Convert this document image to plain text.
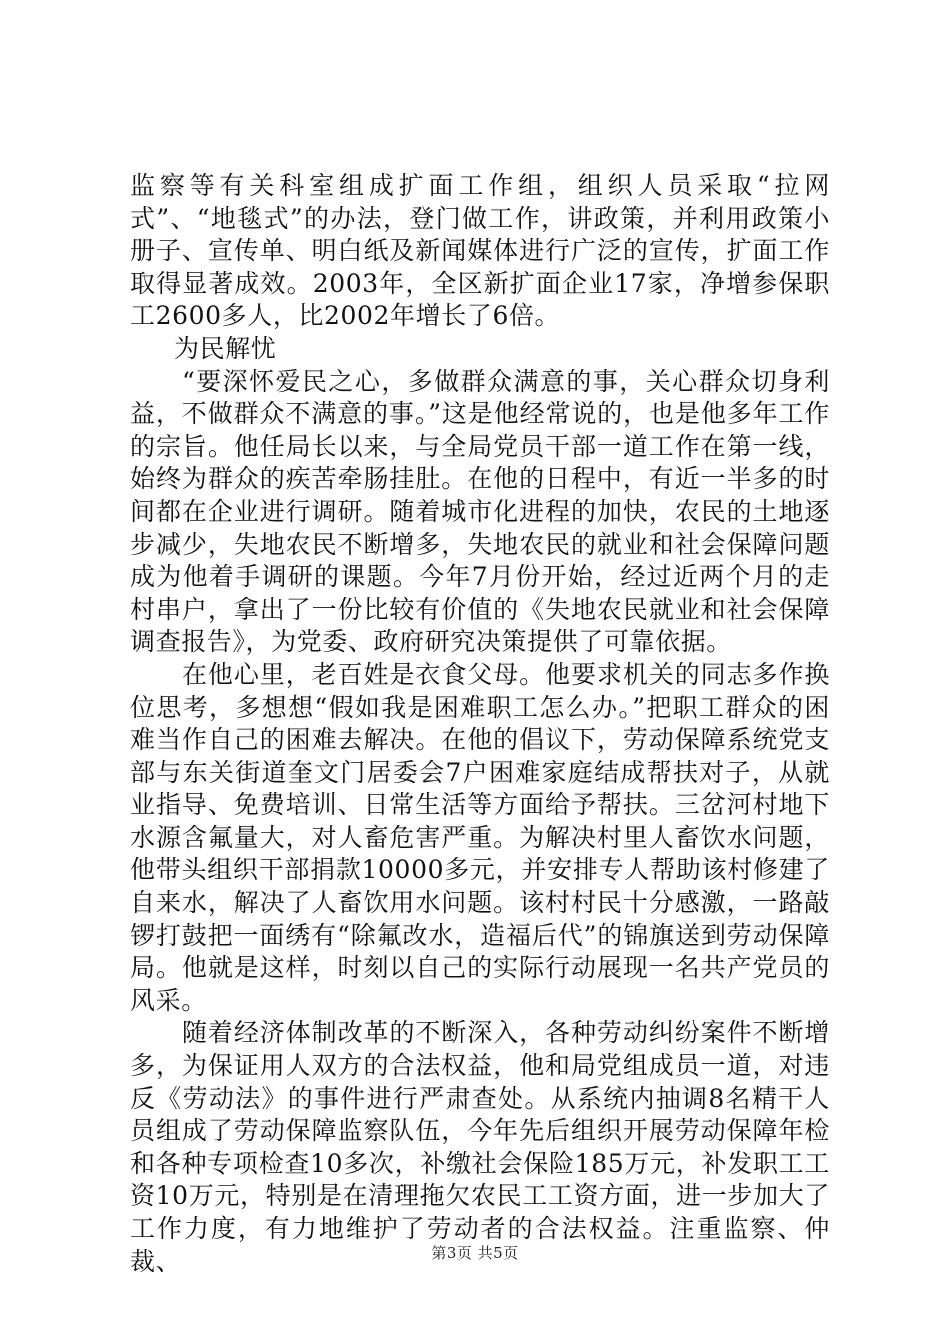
监察等有关科室组成扩面工作组，组织人员采取“拉网式”、“地毯式”的办法，登门做工作，讲政策，并利用政策小册子、宣传单、明白纸及新闻媒体进行广泛的宣传，扩面工作取得显著成效。2003年，全区新扩面企业17家，净增参保职工2600多人，比2002年增长了6倍。

为民解忧

“要深怀爱民之心，多做群众满意的事，关心群众切身利益，不做群众不满意的事。”这是他经常说的，也是他多年工作的宗旨。他任局长以来，与全局党员干部一道工作在第一线，始终为群众的疾苦牵肠挂肚。在他的日程中，有近一半多的时间都在企业进行调研。随着城市化进程的加快，农民的土地逐步减少，失地农民不断增多，失地农民的就业和社会保障问题成为他着手调研的课题。今年7月份开始，经过近两个月的走村串户，拿出了一份比较有价值的《失地农民就业和社会保障调查报告》，为党委、政府研究决策提供了可靠依据。

在他心里，老百姓是衣食父母。他要求机关的同志多作换位思考，多想想“假如我是困难职工怎么办。”把职工群众的困难当作自己的困难去解决。在他的倡议下，劳动保障系统党支部与东关街道奎文门居委会7户困难家庭结成帮扶对子，从就业指导、免费培训、日常生活等方面给予帮扶。三岔河村地下水源含氟量大，对人畜危害严重。为解决村里人畜饮水问题，他带头组织干部捐款10000多元，并安排专人帮助该村修建了自来水，解决了人畜饮用水问题。该村村民十分感激，一路敲锣打鼓把一面绣有“除氟改水，造福后代”的锦旗送到劳动保障局。他就是这样，时刻以自己的实际行动展现一名共产党员的风采。

随着经济体制改革的不断深入，各种劳动纠纷案件不断增多，为保证用人双方的合法权益，他和局党组成员一道，对违反《劳动法》的事件进行严肃查处。从系统内抽调8名精干人员组成了劳动保障监察队伍，今年先后组织开展劳动保障年检和各种专项检查10多次，补缴社会保险185万元，补发职工工资10万元，特别是在清理拖欠农民工工资方面，进一步加大了工作力度，有力地维护了劳动者的合法权益。注重监察、仲裁、	第3页 共5页
